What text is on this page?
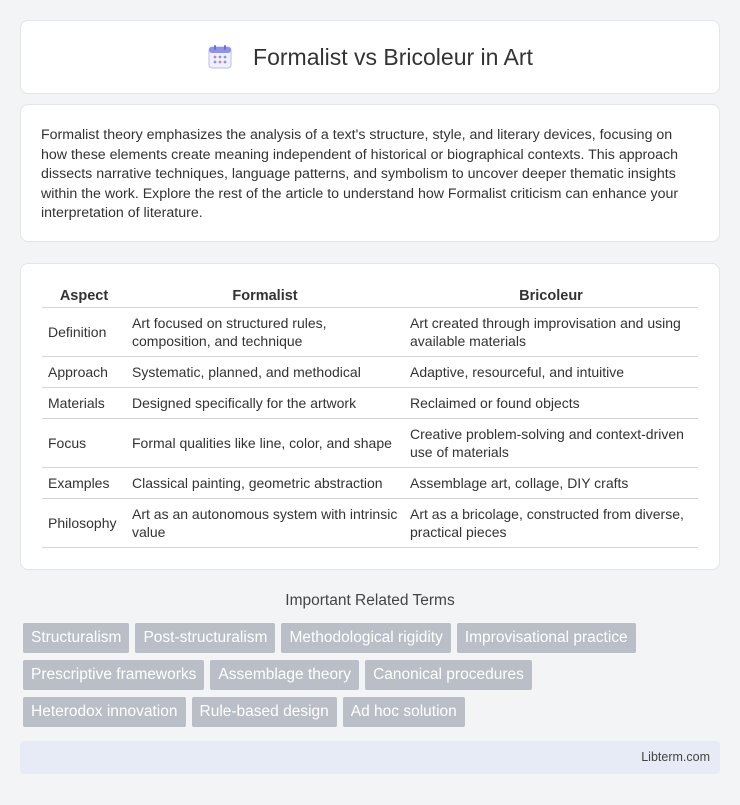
Formalist vs Bricoleur in Art

Formalist theory emphasizes the analysis of a text's structure, style, and literary devices, focusing on how these elements create meaning independent of historical or biographical contexts. This approach dissects narrative techniques, language patterns, and symbolism to uncover deeper thematic insights within the work. Explore the rest of the article to understand how Formalist criticism can enhance your interpretation of literature.

Aspect	Formalist	Bricoleur
Definition	Art focused on structured rules, composition, and technique	Art created through improvisation and using available materials
Approach	Systematic, planned, and methodical	Adaptive, resourceful, and intuitive
Materials	Designed specifically for the artwork	Reclaimed or found objects
Focus	Formal qualities like line, color, and shape	Creative problem-solving and context-driven use of materials
Examples	Classical painting, geometric abstraction	Assemblage art, collage, DIY crafts
Philosophy	Art as an autonomous system with intrinsic value	Art as a bricolage, constructed from diverse, practical pieces
Important Related Terms
Structuralism	Post-structuralism	Methodological rigidity	Improvisational practice
Prescriptive frameworks	Assemblage theory	Canonical procedures
Heterodox innovation	Rule-based design	Ad hoc solution
Libterm.com
